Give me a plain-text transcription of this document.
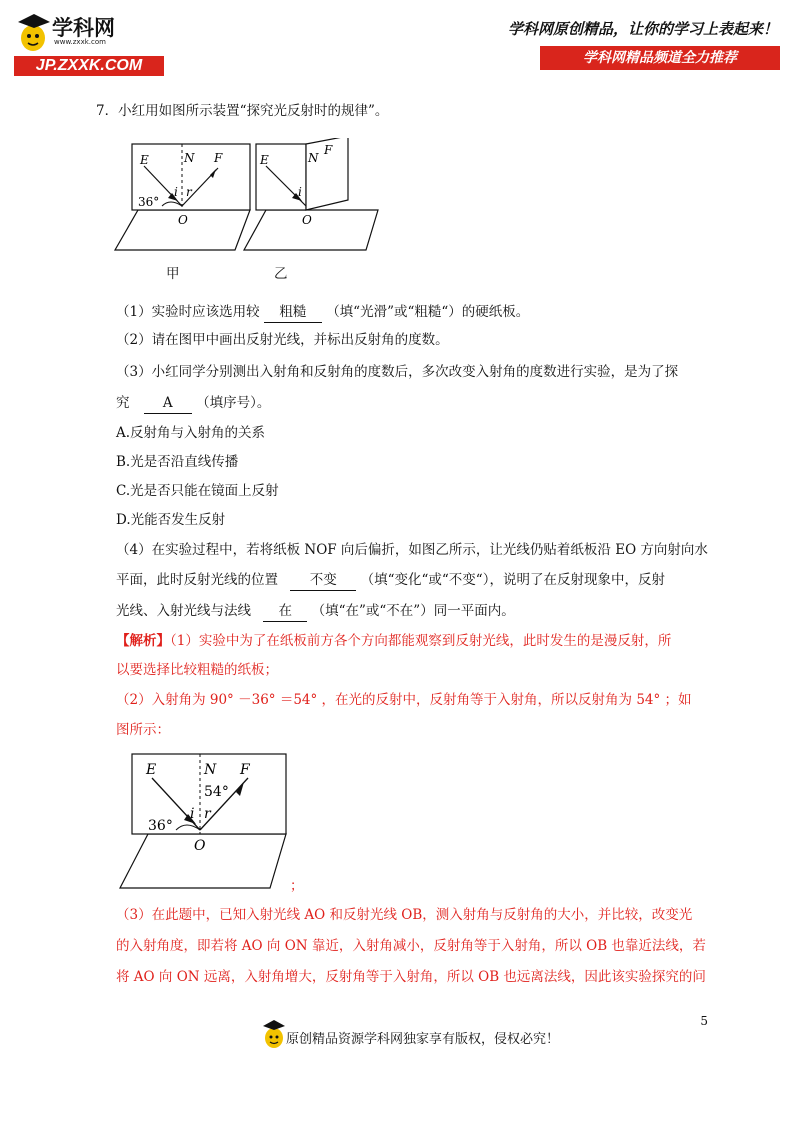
学科网
www.zxxk.com
JP.ZXXK.COM
学科网原创精品，让你的学习上表起来！
学科网精品频道全力推荐
7．小红用如图所示装置“探究光反射时的规律”。
E	N F
i r
36°
O
E	N
F
i
O
甲	乙
（1）实验时应该选用较 粗糙 （填“光滑”或“粗糙“）的硬纸板。
（2）请在图甲中画出反射光线，并标出反射角的度数。
（3）小红同学分别测出入射角和反射角的度数后，多次改变入射角的度数进行实验，是为了探
究 A （填序号）。
A.反射角与入射角的关系
B.光是否沿直线传播
C.光是否只能在镜面上反射
D.光能否发生反射
（4）在实验过程中，若将纸板 NOF 向后偏折，如图乙所示，让光线仍贴着纸板沿 EO 方向射向水
平面，此时反射光线的位置 不变 （填“变化“或“不变“），说明了在反射现象中，反射
光线、入射光线与法线 在 （填“在”或“不在”）同一平面内。
【解析】（1）实验中为了在纸板前方各个方向都能观察到反射光线，此时发生的是漫反射，所
以要选择比较粗糙的纸板；
（2）入射角为 90° －36° ＝54° ，在光的反射中，反射角等于入射角，所以反射角为 54° ；如
图所示：
E	N F
54°
i r
36°
O
；
（3）在此题中，已知入射光线 AO 和反射光线 OB，测入射角与反射角的大小，并比较，改变光
的入射角度，即若将 AO 向 ON 靠近，入射角减小，反射角等于入射角，所以 OB 也靠近法线，若
将 AO 向 ON 远离，入射角增大，反射角等于入射角，所以 OB 也远离法线，因此该实验探究的问
5
原创精品资源学科网独家享有版权，侵权必究！
